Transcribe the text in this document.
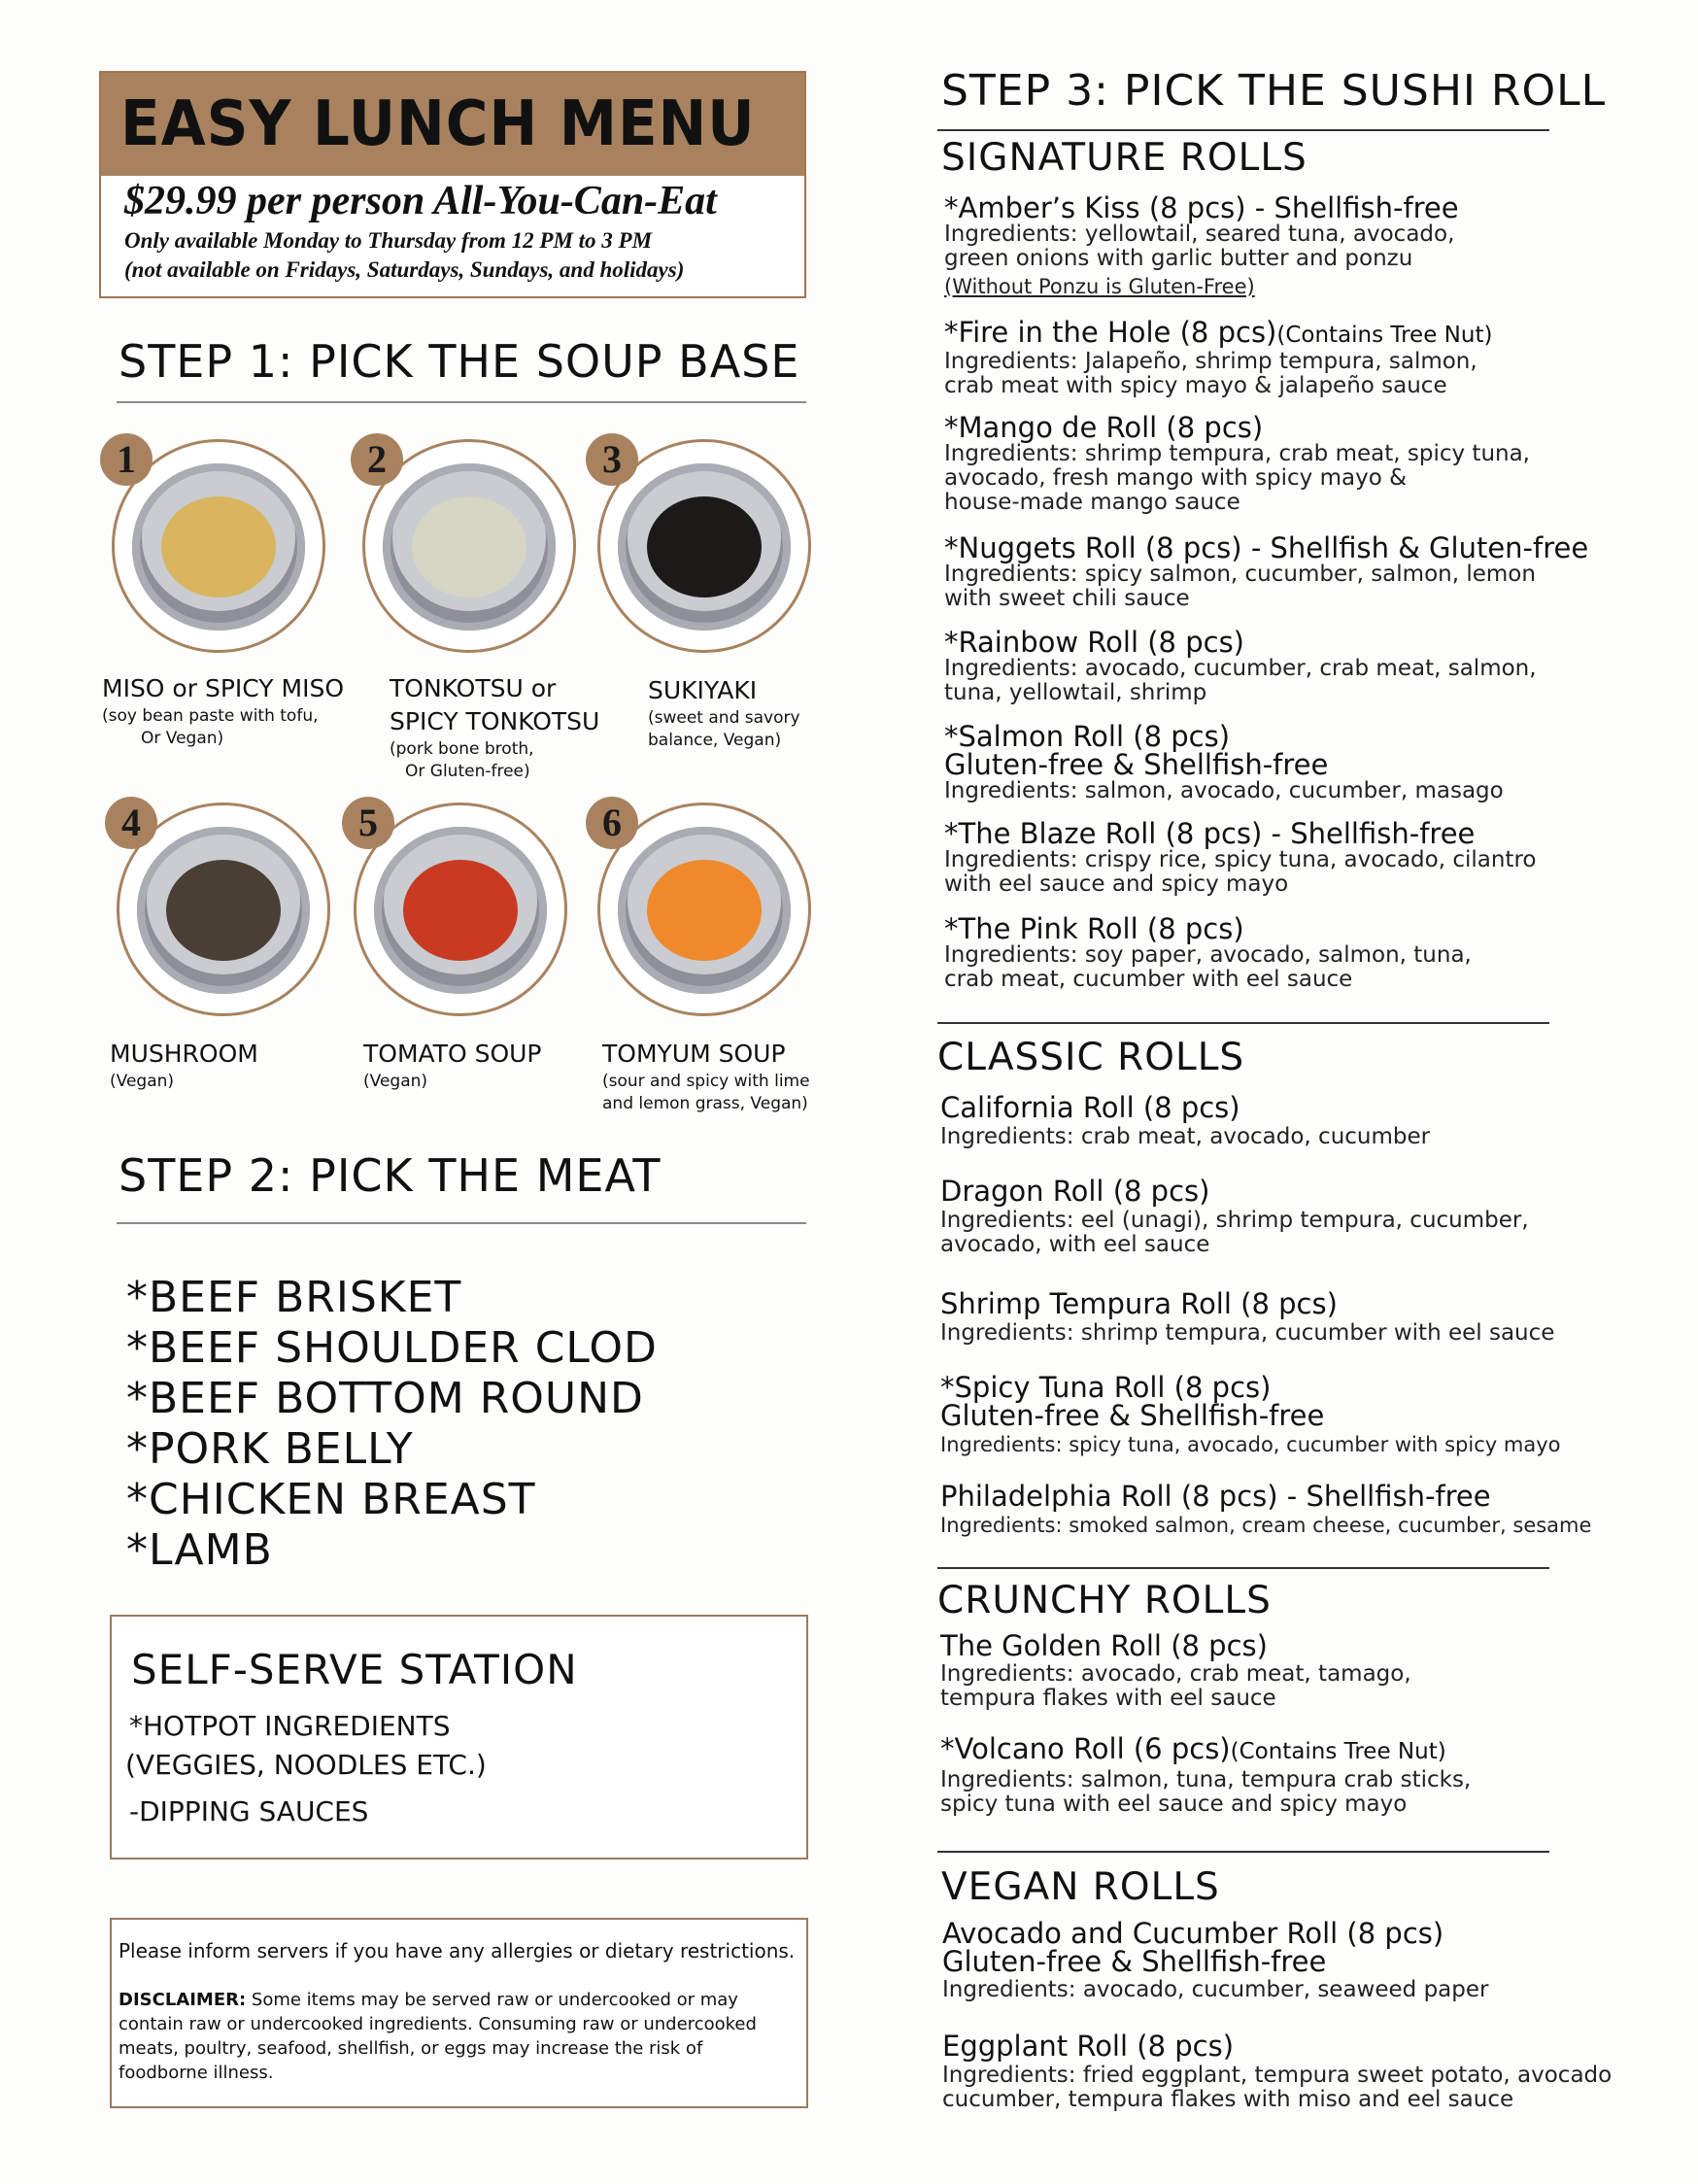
EASY LUNCH MENU
$29.99 per person All-You-Can-Eat
Only available Monday to Thursday from 12 PM to 3 PM
(not available on Fridays, Saturdays, Sundays, and holidays)
STEP 1: PICK THE SOUP BASE
1	2	3
MISO or SPICY MISO
(soy bean paste with tofu,
Or Vegan)
TONKOTSU or
SPICY TONKOTSU
(pork bone broth,
Or Gluten-free)
SUKIYAKI
(sweet and savory
balance, Vegan)
4	5	6
MUSHROOM
(Vegan)
TOMATO SOUP
(Vegan)
TOMYUM SOUP
(sour and spicy with lime
and lemon grass, Vegan)
STEP 2: PICK THE MEAT
*BEEF BRISKET
*BEEF SHOULDER CLOD
*BEEF BOTTOM ROUND
*PORK BELLY
*CHICKEN BREAST
*LAMB
SELF-SERVE STATION
*HOTPOT INGREDIENTS
(VEGGIES, NOODLES ETC.)
-DIPPING SAUCES
Please inform servers if you have any allergies or dietary restrictions.
DISCLAIMER: Some items may be served raw or undercooked or may
contain raw or undercooked ingredients. Consuming raw or undercooked
meats, poultry, seafood, shellfish, or eggs may increase the risk of
foodborne illness.
STEP 3: PICK THE SUSHI ROLL
SIGNATURE ROLLS
*Amber’s Kiss (8 pcs) - Shellfish-free
Ingredients: yellowtail, seared tuna, avocado,
green onions with garlic butter and ponzu
(Without Ponzu is Gluten-Free)
*Fire in the Hole (8 pcs)(Contains Tree Nut)
Ingredients: Jalapeño, shrimp tempura, salmon,
crab meat with spicy mayo & jalapeño sauce
*Mango de Roll (8 pcs)
Ingredients: shrimp tempura, crab meat, spicy tuna,
avocado, fresh mango with spicy mayo &
house-made mango sauce
*Nuggets Roll (8 pcs) - Shellfish & Gluten-free
Ingredients: spicy salmon, cucumber, salmon, lemon
with sweet chili sauce
*Rainbow Roll (8 pcs)
Ingredients: avocado, cucumber, crab meat, salmon,
tuna, yellowtail, shrimp
*Salmon Roll (8 pcs)
Gluten-free & Shellfish-free
Ingredients: salmon, avocado, cucumber, masago
*The Blaze Roll (8 pcs) - Shellfish-free
Ingredients: crispy rice, spicy tuna, avocado, cilantro
with eel sauce and spicy mayo
*The Pink Roll (8 pcs)
Ingredients: soy paper, avocado, salmon, tuna,
crab meat, cucumber with eel sauce
CLASSIC ROLLS
California Roll (8 pcs)
Ingredients: crab meat, avocado, cucumber
Dragon Roll (8 pcs)
Ingredients: eel (unagi), shrimp tempura, cucumber,
avocado, with eel sauce
Shrimp Tempura Roll (8 pcs)
Ingredients: shrimp tempura, cucumber with eel sauce
*Spicy Tuna Roll (8 pcs)
Gluten-free & Shellfish-free
Ingredients: spicy tuna, avocado, cucumber with spicy mayo
Philadelphia Roll (8 pcs) - Shellfish-free
Ingredients: smoked salmon, cream cheese, cucumber, sesame
CRUNCHY ROLLS
The Golden Roll (8 pcs)
Ingredients: avocado, crab meat, tamago,
tempura flakes with eel sauce
*Volcano Roll (6 pcs)(Contains Tree Nut)
Ingredients: salmon, tuna, tempura crab sticks,
spicy tuna with eel sauce and spicy mayo
VEGAN ROLLS
Avocado and Cucumber Roll (8 pcs)
Gluten-free & Shellfish-free
Ingredients: avocado, cucumber, seaweed paper
Eggplant Roll (8 pcs)
Ingredients: fried eggplant, tempura sweet potato, avocado
cucumber, tempura flakes with miso and eel sauce
